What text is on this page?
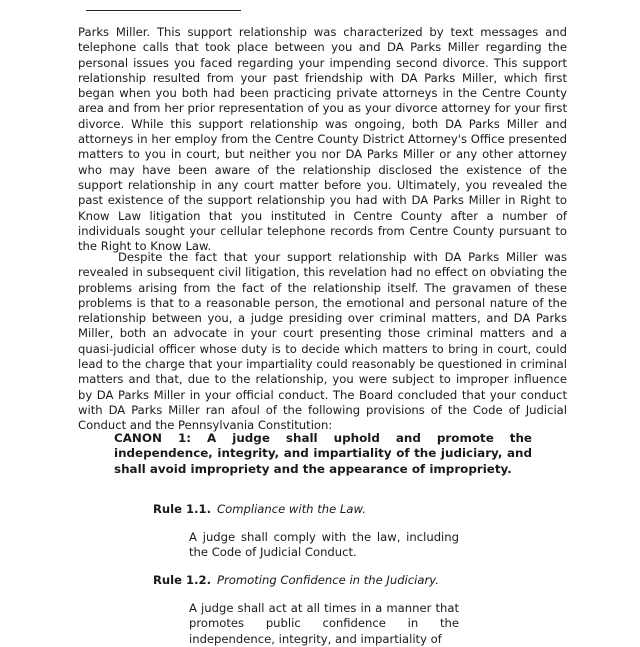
Parks Miller. This support relationship was characterized by text messages and telephone calls that took place between you and DA Parks Miller regarding the personal issues you faced regarding your impending second divorce. This support relationship resulted from your past friendship with DA Parks Miller, which first began when you both had been practicing private attorneys in the Centre County area and from her prior representation of you as your divorce attorney for your first divorce. While this support relationship was ongoing, both DA Parks Miller and attorneys in her employ from the Centre County District Attorney's Office presented matters to you in court, but neither you nor DA Parks Miller or any other attorney who may have been aware of the relationship disclosed the existence of the support relationship in any court matter before you. Ultimately, you revealed the past existence of the support relationship you had with DA Parks Miller in Right to Know Law litigation that you instituted in Centre County after a number of individuals sought your cellular telephone records from Centre County pursuant to the Right to Know Law.

Despite the fact that your support relationship with DA Parks Miller was revealed in subsequent civil litigation, this revelation had no effect on obviating the problems arising from the fact of the relationship itself. The gravamen of these problems is that to a reasonable person, the emotional and personal nature of the relationship between you, a judge presiding over criminal matters, and DA Parks Miller, both an advocate in your court presenting those criminal matters and a quasi-judicial officer whose duty is to decide which matters to bring in court, could lead to the charge that your impartiality could reasonably be questioned in criminal matters and that, due to the relationship, you were subject to improper influence by DA Parks Miller in your official conduct. The Board concluded that your conduct with DA Parks Miller ran afoul of the following provisions of the Code of Judicial Conduct and the Pennsylvania Constitution:

CANON 1: A judge shall uphold and promote the independence, integrity, and impartiality of the judiciary, and shall avoid impropriety and the appearance of impropriety.

Rule 1.1. Compliance with the Law.

A judge shall comply with the law, including the Code of Judicial Conduct.

Rule 1.2. Promoting Confidence in the Judiciary.

A judge shall act at all times in a manner that promotes public confidence in the independence, integrity, and impartiality of
